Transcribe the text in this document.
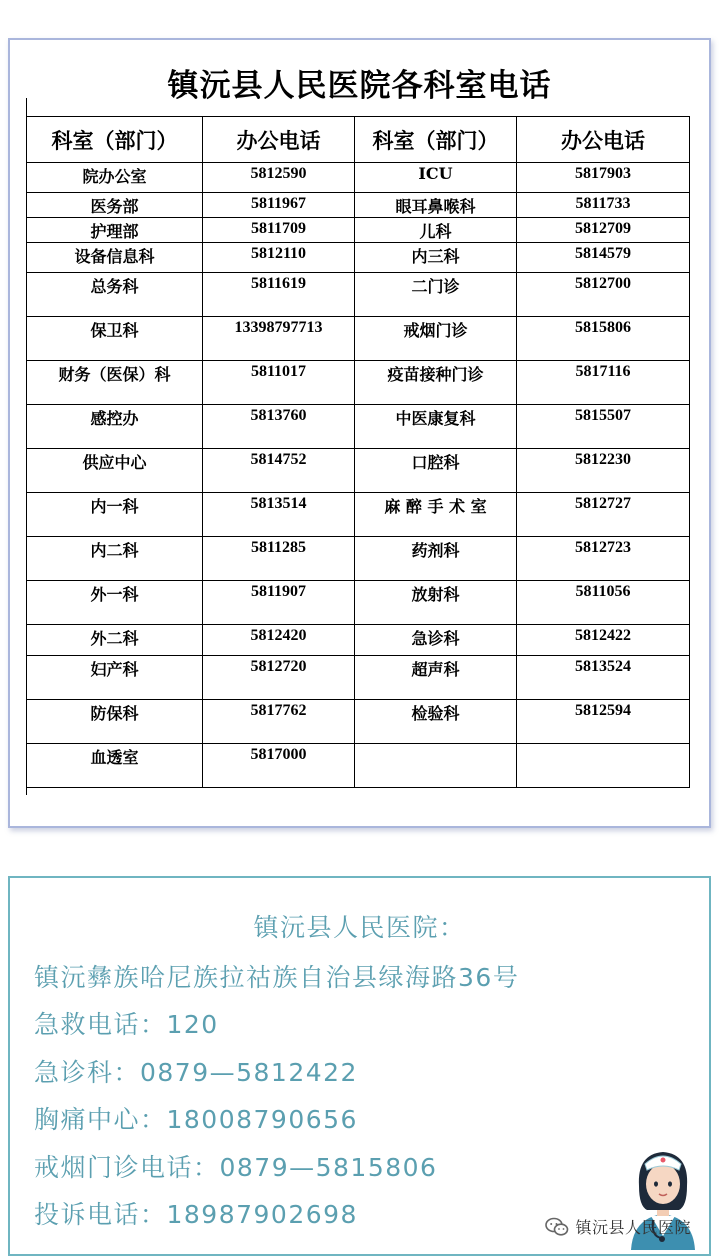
镇沅县人民医院各科室电话
科室（部门）	办公电话	科室（部门）	办公电话
院办公室	5812590	ICU	5817903
医务部	5811967	眼耳鼻喉科	5811733
护理部	5811709	儿科	5812709
设备信息科	5812110	内三科	5814579
总务科	5811619	二门诊	5812700
保卫科	13398797713	戒烟门诊	5815806
财务（医保）科	5811017	疫苗接种门诊	5817116
感控办	5813760	中医康复科	5815507
供应中心	5814752	口腔科	5812230
内一科	5813514	麻 醉 手 术 室	5812727
内二科	5811285	药剂科	5812723
外一科	5811907	放射科	5811056
外二科	5812420	急诊科	5812422
妇产科	5812720	超声科	5813524
防保科	5817762	检验科	5812594
血透室	5817000		
镇沅县人民医院：
镇沅彝族哈尼族拉祜族自治县绿海路36号
急救电话：120
急诊科：0879—5812422
胸痛中心：18008790656
戒烟门诊电话：0879—5815806
投诉电话：18987902698	镇沅县人民医院
